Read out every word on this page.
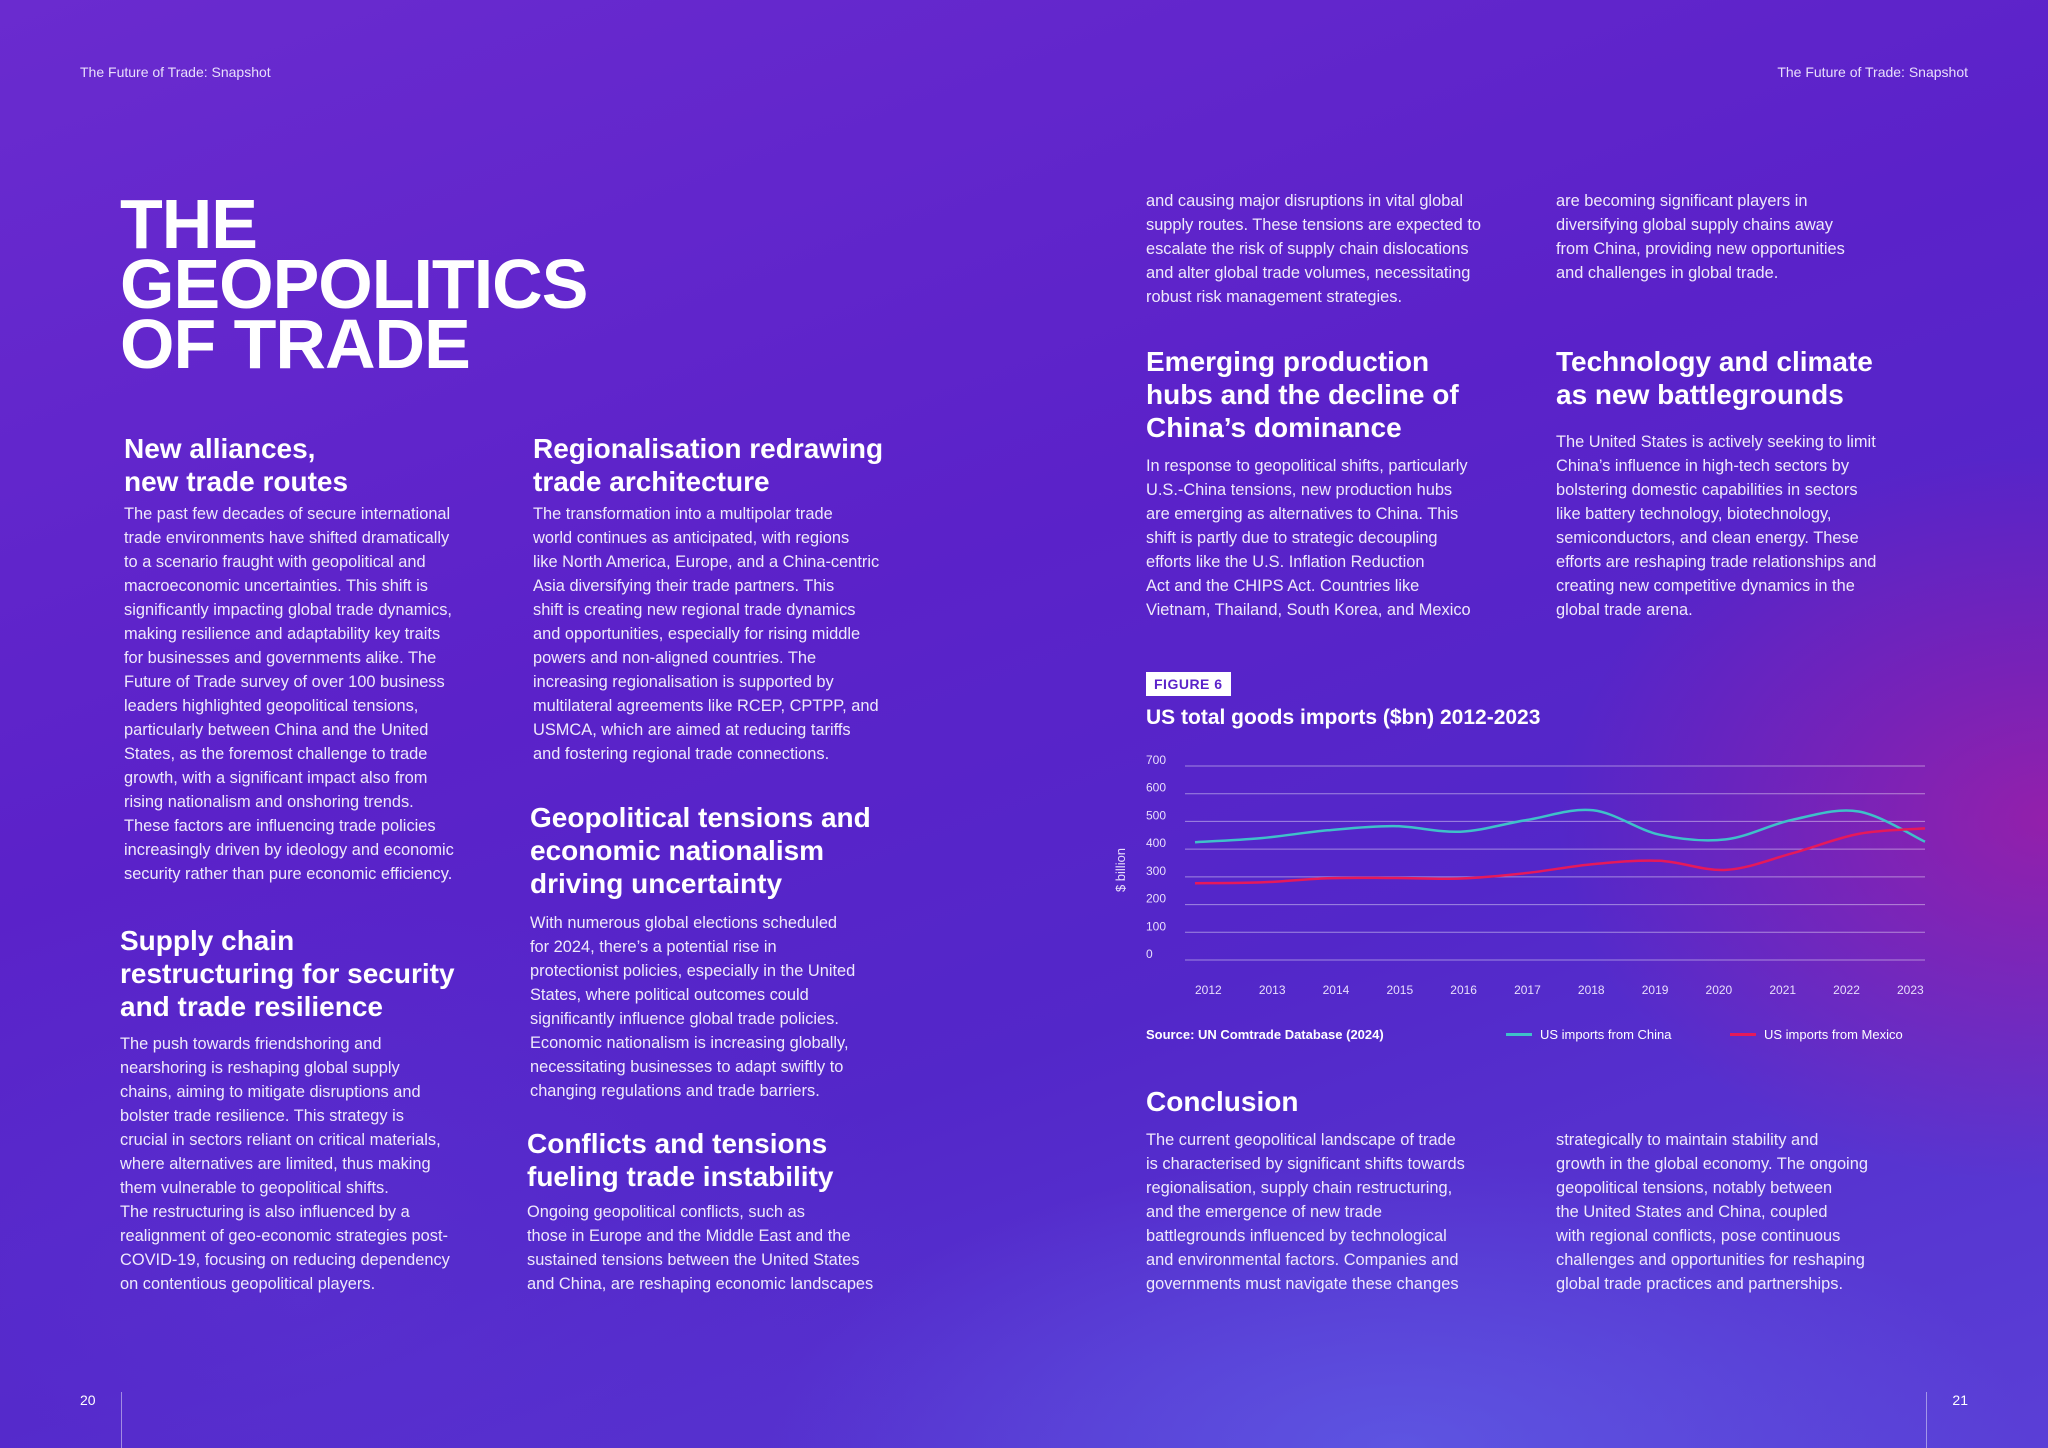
The Future of Trade: Snapshot	The Future of Trade: Snapshot
THE
GEOPOLITICS
OF TRADE
New alliances,
new trade routes

The past few decades of secure international
trade environments have shifted dramatically
to a scenario fraught with geopolitical and
macroeconomic uncertainties. This shift is
significantly impacting global trade dynamics,
making resilience and adaptability key traits
for businesses and governments alike. The
Future of Trade survey of over 100 business
leaders highlighted geopolitical tensions,
particularly between China and the United
States, as the foremost challenge to trade
growth, with a significant impact also from
rising nationalism and onshoring trends.
These factors are influencing trade policies
increasingly driven by ideology and economic
security rather than pure economic efficiency.

Supply chain
restructuring for security
and trade resilience

The push towards friendshoring and
nearshoring is reshaping global supply
chains, aiming to mitigate disruptions and
bolster trade resilience. This strategy is
crucial in sectors reliant on critical materials,
where alternatives are limited, thus making
them vulnerable to geopolitical shifts.
The restructuring is also influenced by a
realignment of geo-economic strategies post-
COVID-19, focusing on reducing dependency
on contentious geopolitical players.

Regionalisation redrawing
trade architecture

The transformation into a multipolar trade
world continues as anticipated, with regions
like North America, Europe, and a China-centric
Asia diversifying their trade partners. This
shift is creating new regional trade dynamics
and opportunities, especially for rising middle
powers and non-aligned countries. The
increasing regionalisation is supported by
multilateral agreements like RCEP, CPTPP, and
USMCA, which are aimed at reducing tariffs
and fostering regional trade connections.

Geopolitical tensions and
economic nationalism
driving uncertainty

With numerous global elections scheduled
for 2024, there’s a potential rise in
protectionist policies, especially in the United
States, where political outcomes could
significantly influence global trade policies.
Economic nationalism is increasing globally,
necessitating businesses to adapt swiftly to
changing regulations and trade barriers.

Conflicts and tensions
fueling trade instability

Ongoing geopolitical conflicts, such as
those in Europe and the Middle East and the
sustained tensions between the United States
and China, are reshaping economic landscapes

and causing major disruptions in vital global
supply routes. These tensions are expected to
escalate the risk of supply chain dislocations
and alter global trade volumes, necessitating
robust risk management strategies.

Emerging production
hubs and the decline of
China’s dominance

In response to geopolitical shifts, particularly
U.S.-China tensions, new production hubs
are emerging as alternatives to China. This
shift is partly due to strategic decoupling
efforts like the U.S. Inflation Reduction
Act and the CHIPS Act. Countries like
Vietnam, Thailand, South Korea, and Mexico

are becoming significant players in
diversifying global supply chains away
from China, providing new opportunities
and challenges in global trade.

Technology and climate
as new battlegrounds

The United States is actively seeking to limit
China’s influence in high-tech sectors by
bolstering domestic capabilities in sectors
like battery technology, biotechnology,
semiconductors, and clean energy. These
efforts are reshaping trade relationships and
creating new competitive dynamics in the
global trade arena.

FIGURE 6
US total goods imports ($bn) 2012-2023
0
100
200
300
400
500
600
700
2012	2013	2014	2015	2016	2017	2018	2019	2020	2021	2022	2023
$ billion
Source: UN Comtrade Database (2024)	US imports from China	US imports from Mexico
Conclusion

The current geopolitical landscape of trade
is characterised by significant shifts towards
regionalisation, supply chain restructuring,
and the emergence of new trade
battlegrounds influenced by technological
and environmental factors. Companies and
governments must navigate these changes

strategically to maintain stability and
growth in the global economy. The ongoing
geopolitical tensions, notably between
the United States and China, coupled
with regional conflicts, pose continuous
challenges and opportunities for reshaping
global trade practices and partnerships.

20	21
